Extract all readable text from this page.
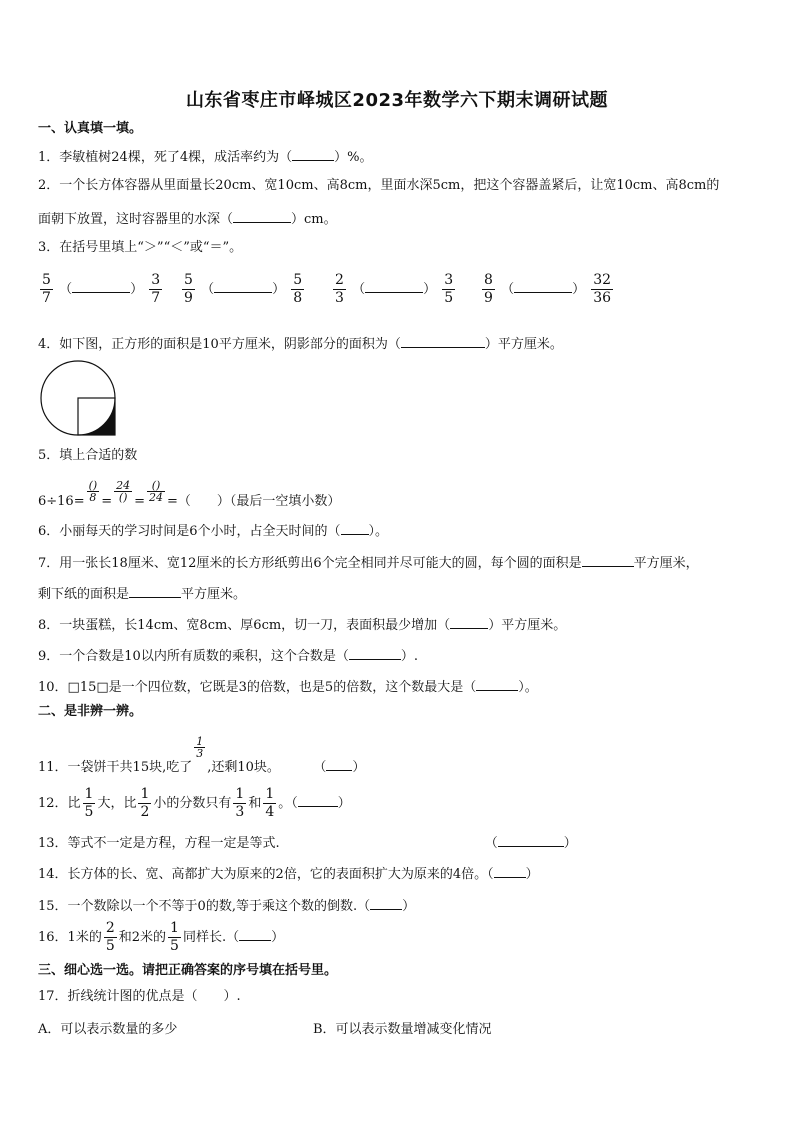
山东省枣庄市峄城区2023年数学六下期末调研试题
一、认真填一填。
1．李敏植树24棵，死了4棵，成活率约为（	）%。
2．一个长方体容器从里面量长20cm、宽10cm、高8cm，里面水深5cm，把这个容器盖紧后，让宽10cm、高8cm的
面朝下放置，这时容器里的水深（	）cm。
3．在括号里填上“＞”“＜”或“＝”。
$\frac{5}{7}$ （	） $\frac{3}{7} \frac{5}{9}$ （	） $\frac{5}{8} \frac{2}{3}$ （	） $\frac{3}{5} \frac{8}{9}$ （	） $\frac{32}{36}$
4．如下图，正方形的面积是10平方厘米，阴影部分的面积为（	）平方厘米。
5．填上合适的数
$6\div 16= \frac{()}{8} = \frac{24}{()} = \frac{()}{24}$ =（　　）（最后一空填小数）
6．小丽每天的学习时间是6个小时，占全天时间的（ ）。
7．用一张长18厘米、宽12厘米的长方形纸剪出6个完全相同并尽可能大的圆，每个圆的面积是	平方厘米，
剩下纸的面积是	平方厘米。
8．一块蛋糕，长14cm、宽8cm、厚6cm，切一刀，表面积最少增加（	）平方厘米。
9．一个合数是10以内所有质数的乘积，这个合数是（	）.
10．□15□是一个四位数，它既是3的倍数，也是5的倍数，这个数最大是（	）。
二、是非辨一辨。
11．一袋饼干共15块,吃了
$\frac{1}{3}$
,还剩10块。	（ ）
12．比 $\frac{1}{5}$ 大，比 $\frac{1}{2}$ 小的分数只有 $\frac{1}{3}$ 和 $\frac{1}{4}$ 。（	）
13．等式不一定是方程，方程一定是等式.	（	）
14．长方体的长、宽、高都扩大为原来的2倍，它的表面积扩大为原来的4倍。（ ）
15．一个数除以一个不等于0的数,等于乘这个数的倒数.（ ）
16．1米的 $\frac{2}{5}$ 和2米的 $\frac{1}{5}$ 同样长.（ ）
三、细心选一选。请把正确答案的序号填在括号里。
17．折线统计图的优点是（　　）.
A．可以表示数量的多少	B．可以表示数量增减变化情况
